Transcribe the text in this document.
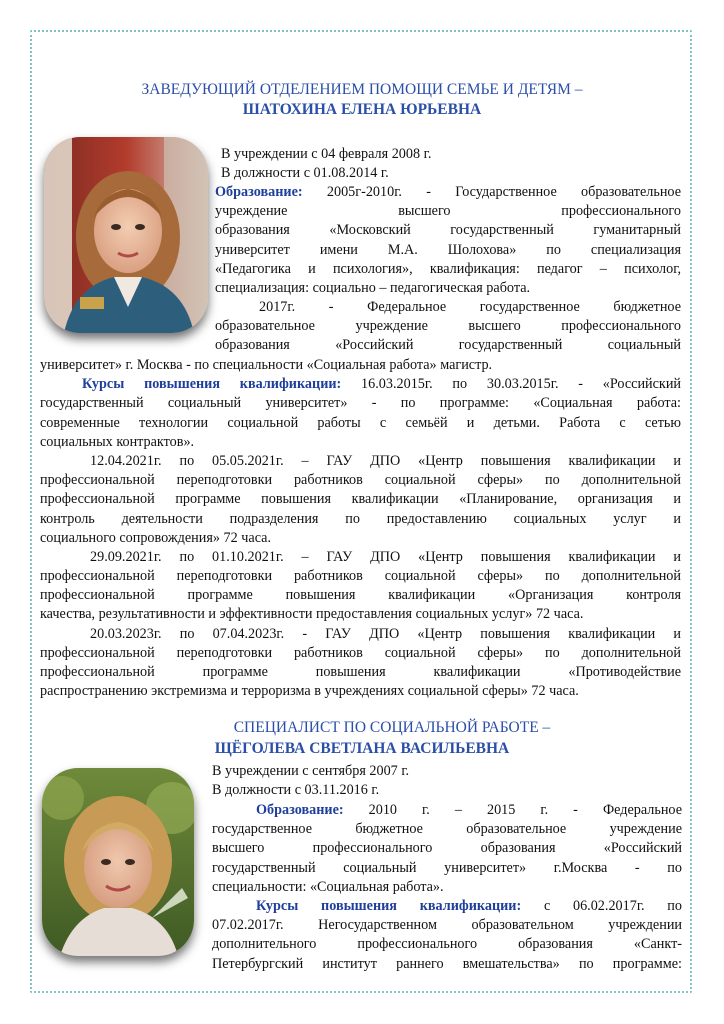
ЗАВЕДУЮЩИЙ ОТДЕЛЕНИЕМ ПОМОЩИ СЕМЬЕ И ДЕТЯМ –
ШАТОХИНА ЕЛЕНА ЮРЬЕВНА
В учреждении с 04 февраля 2008 г.
В должности с 01.08.2014 г.
Образование: 2005г-2010г. - Государственное образовательное
учреждение высшего профессионального
образования «Московский государственный гуманитарный
университет имени М.А. Шолохова» по специализация
«Педагогика и психология», квалификация: педагог – психолог,
специализация: социально – педагогическая работа.
2017г. - Федеральное государственное бюджетное
образовательное учреждение высшего профессионального
образования «Российский государственный социальный
университет» г. Москва - по специальности «Социальная работа» магистр.
Курсы повышения квалификации: 16.03.2015г. по 30.03.2015г. - «Российский
государственный социальный университет» - по программе: «Социальная работа:
современные технологии социальной работы с семьёй и детьми. Работа с сетью
социальных контрактов».
12.04.2021г. по 05.05.2021г. – ГАУ ДПО «Центр повышения квалификации и
профессиональной переподготовки работников социальной сферы» по дополнительной
профессиональной программе повышения квалификации «Планирование, организация и
контроль деятельности подразделения по предоставлению социальных услуг и
социального сопровождения» 72 часа.
29.09.2021г. по 01.10.2021г. – ГАУ ДПО «Центр повышения квалификации и
профессиональной переподготовки работников социальной сферы» по дополнительной
профессиональной программе повышения квалификации «Организация контроля
качества, результативности и эффективности предоставления социальных услуг» 72 часа.
20.03.2023г. по 07.04.2023г. - ГАУ ДПО «Центр повышения квалификации и
профессиональной переподготовки работников социальной сферы» по дополнительной
профессиональной программе повышения квалификации «Противодействие
распространению экстремизма и терроризма в учреждениях социальной сферы» 72 часа.
СПЕЦИАЛИСТ ПО СОЦИАЛЬНОЙ РАБОТЕ –
ЩЁГОЛЕВА СВЕТЛАНА ВАСИЛЬЕВНА
В учреждении с сентября 2007 г.
В должности с 03.11.2016 г.
Образование: 2010 г. – 2015 г. - Федеральное
государственное бюджетное образовательное учреждение
высшего профессионального образования «Российский
государственный социальный университет» г.Москва - по
специальности: «Социальная работа».
Курсы повышения квалификации: с 06.02.2017г. по
07.02.2017г. Негосударственном образовательном учреждении
дополнительного профессионального образования «Санкт-
Петербургский институт раннего вмешательства» по программе:
